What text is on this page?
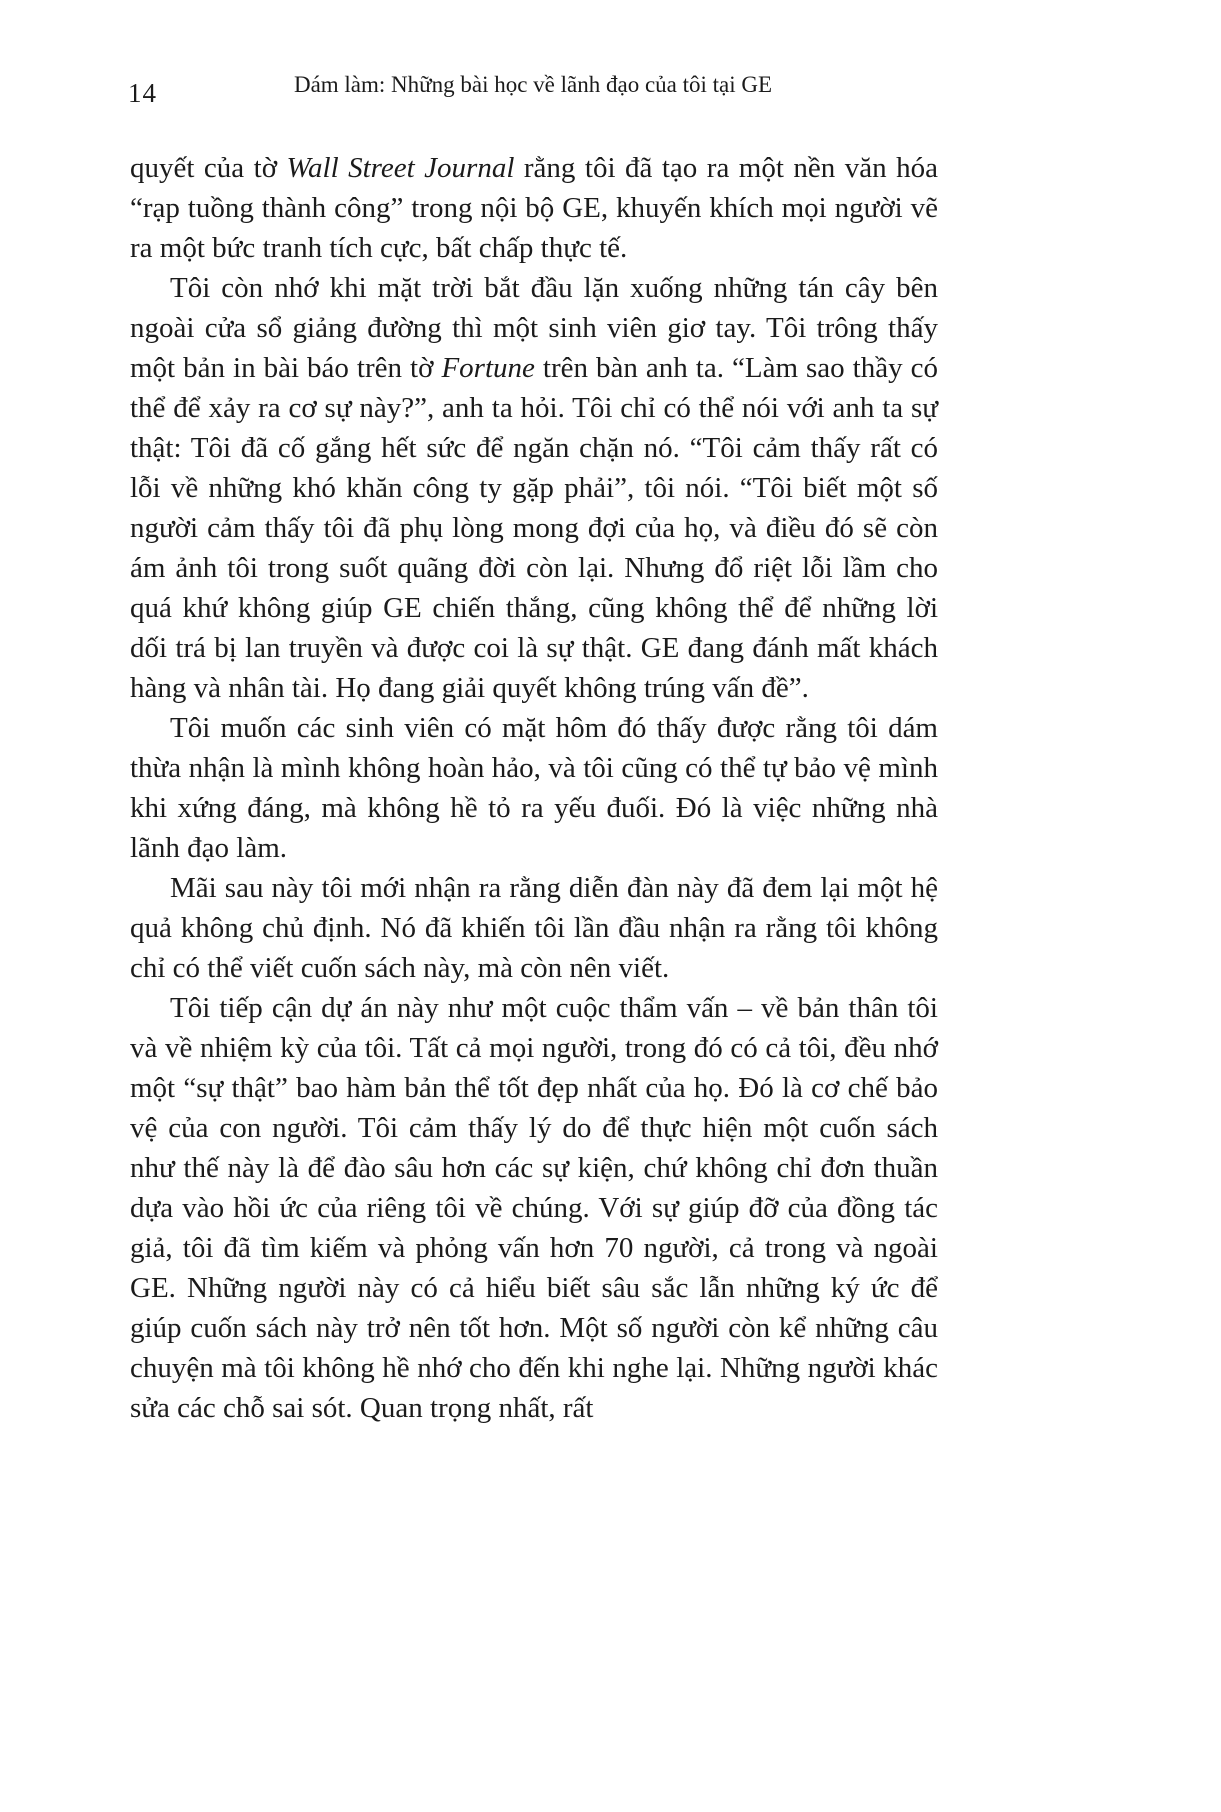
14	Dám làm: Những bài học về lãnh đạo của tôi tại GE

quyết của tờ Wall Street Journal rằng tôi đã tạo ra một nền văn hóa “rạp tuồng thành công” trong nội bộ GE, khuyến khích mọi người vẽ ra một bức tranh tích cực, bất chấp thực tế.

Tôi còn nhớ khi mặt trời bắt đầu lặn xuống những tán cây bên ngoài cửa sổ giảng đường thì một sinh viên giơ tay. Tôi trông thấy một bản in bài báo trên tờ Fortune trên bàn anh ta. “Làm sao thầy có thể để xảy ra cơ sự này?”, anh ta hỏi. Tôi chỉ có thể nói với anh ta sự thật: Tôi đã cố gắng hết sức để ngăn chặn nó. “Tôi cảm thấy rất có lỗi về những khó khăn công ty gặp phải”, tôi nói. “Tôi biết một số người cảm thấy tôi đã phụ lòng mong đợi của họ, và điều đó sẽ còn ám ảnh tôi trong suốt quãng đời còn lại. Nhưng đổ riệt lỗi lầm cho quá khứ không giúp GE chiến thắng, cũng không thể để những lời dối trá bị lan truyền và được coi là sự thật. GE đang đánh mất khách hàng và nhân tài. Họ đang giải quyết không trúng vấn đề”.

Tôi muốn các sinh viên có mặt hôm đó thấy được rằng tôi dám thừa nhận là mình không hoàn hảo, và tôi cũng có thể tự bảo vệ mình khi xứng đáng, mà không hề tỏ ra yếu đuối. Đó là việc những nhà lãnh đạo làm.

Mãi sau này tôi mới nhận ra rằng diễn đàn này đã đem lại một hệ quả không chủ định. Nó đã khiến tôi lần đầu nhận ra rằng tôi không chỉ có thể viết cuốn sách này, mà còn nên viết.

Tôi tiếp cận dự án này như một cuộc thẩm vấn – về bản thân tôi và về nhiệm kỳ của tôi. Tất cả mọi người, trong đó có cả tôi, đều nhớ một “sự thật” bao hàm bản thể tốt đẹp nhất của họ. Đó là cơ chế bảo vệ của con người. Tôi cảm thấy lý do để thực hiện một cuốn sách như thế này là để đào sâu hơn các sự kiện, chứ không chỉ đơn thuần dựa vào hồi ức của riêng tôi về chúng. Với sự giúp đỡ của đồng tác giả, tôi đã tìm kiếm và phỏng vấn hơn 70 người, cả trong và ngoài GE. Những người này có cả hiểu biết sâu sắc lẫn những ký ức để giúp cuốn sách này trở nên tốt hơn. Một số người còn kể những câu chuyện mà tôi không hề nhớ cho đến khi nghe lại. Những người khác sửa các chỗ sai sót. Quan trọng nhất, rất
